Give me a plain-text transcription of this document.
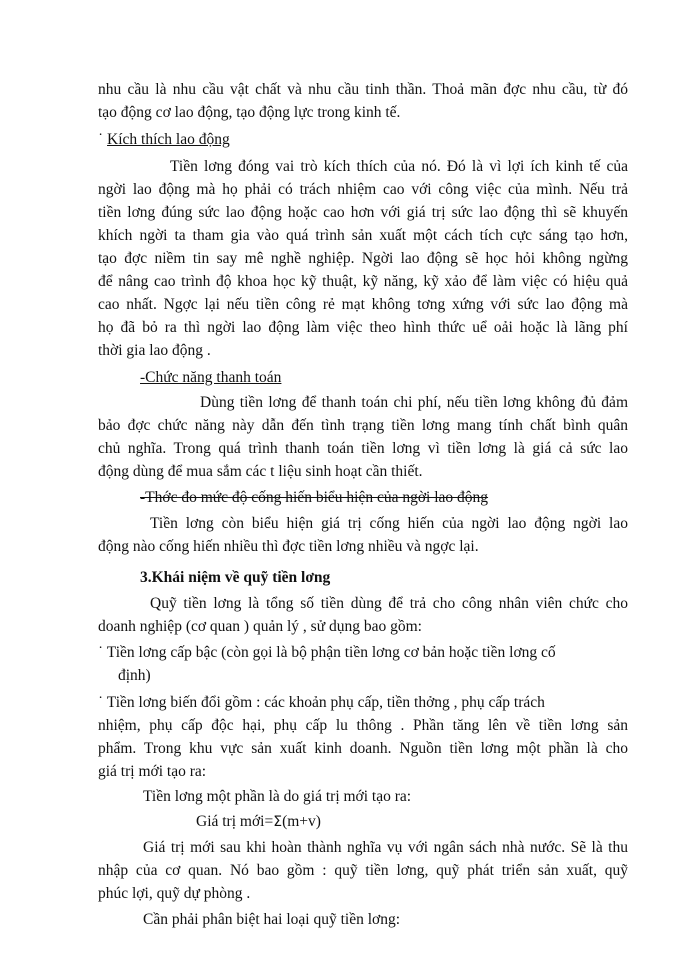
nhu cầu là nhu cầu vật chất và nhu cầu tinh thần. Thoả mãn đợc nhu cầu, từ đó
tạo động cơ lao động, tạo động lực trong kinh tế.
˙ Kích thích lao động
Tiền lơng đóng vai trò kích thích của nó. Đó là vì lợi ích kinh tế của
ngời lao động mà họ phải có trách nhiệm cao với công việc của mình. Nếu trả
tiền lơng đúng sức lao động hoặc cao hơn với giá trị sức lao động thì sẽ khuyến
khích ngời ta tham gia vào quá trình sản xuất một cách tích cực sáng tạo hơn,
tạo đợc niềm tin say mê nghề nghiệp. Ngời lao động sẽ học hỏi không ngừng
để nâng cao trình độ khoa học kỹ thuật, kỹ năng, kỹ xảo để làm việc có hiệu quả
cao nhất. Ngợc lại nếu tiền công rẻ mạt không tơng xứng với sức lao động mà
họ đã bỏ ra thì ngời lao động làm việc theo hình thức uể oải hoặc là lãng phí
thời gia lao động .
-Chức năng thanh toán
Dùng tiền lơng để thanh toán chi phí, nếu tiền lơng không đủ đảm
bảo đợc chức năng này dẫn đến tình trạng tiền lơng mang tính chất bình quân
chủ nghĩa. Trong quá trình thanh toán tiền lơng vì tiền lơng là giá cả sức lao
động dùng để mua sắm các t liệu sinh hoạt cần thiết.
-Thớc đo mức độ cống hiến biểu hiện của ngời lao động
Tiền lơng còn biểu hiện giá trị cống hiến của ngời lao động ngời lao
động nào cống hiến nhiều thì đợc tiền lơng nhiều và ngợc lại.
3.Khái niệm về quỹ tiền lơng
Quỹ tiền lơng là tổng số tiền dùng để trả cho công nhân viên chức cho
doanh nghiệp (cơ quan ) quản lý , sử dụng bao gồm:
˙ Tiền lơng cấp bậc (còn gọi là bộ phận tiền lơng cơ bản hoặc tiền lơng cố
định)
˙ Tiền lơng biến đổi gồm : các khoản phụ cấp, tiền thởng , phụ cấp trách
nhiệm, phụ cấp độc hại, phụ cấp lu thông . Phần tăng lên về tiền lơng sản
phẩm. Trong khu vực sản xuất kinh doanh. Nguồn tiền lơng một phần là cho
giá trị mới tạo ra:
Tiền lơng một phần là do giá trị mới tạo ra:
Giá trị mới=Σ(m+v)
Giá trị mới sau khi hoàn thành nghĩa vụ với ngân sách nhà nước. Sẽ là thu
nhập của cơ quan. Nó bao gồm : quỹ tiền lơng, quỹ phát triển sản xuất, quỹ
phúc lợi, quỹ dự phòng .
Cần phải phân biệt hai loại quỹ tiền lơng:
